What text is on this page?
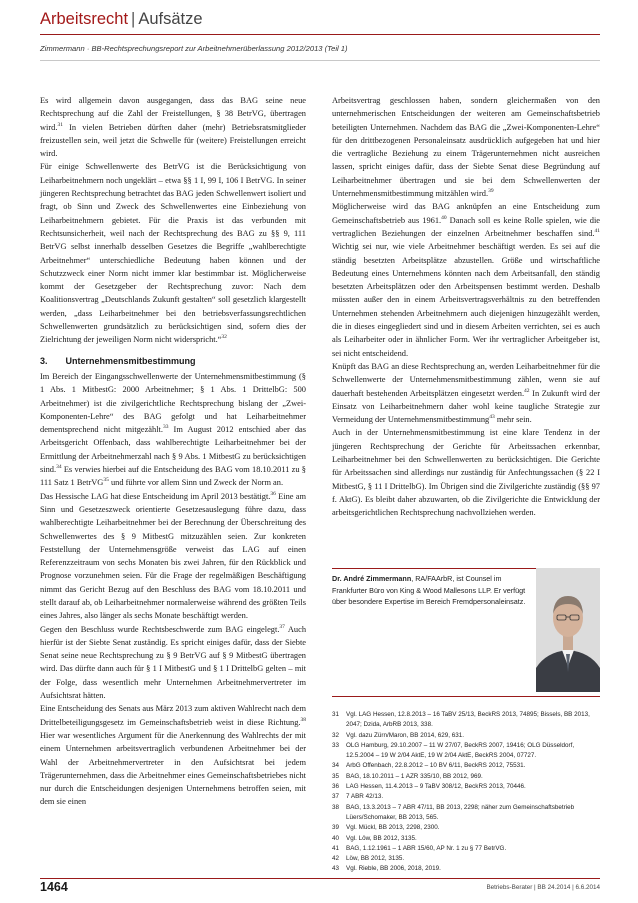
Arbeitsrecht | Aufsätze
Zimmermann · BB-Rechtsprechungsreport zur Arbeitnehmerüberlassung 2012/2013 (Teil 1)

Es wird allgemein davon ausgegangen, dass das BAG seine neue Rechtsprechung auf die Zahl der Freistellungen, § 38 BetrVG, übertragen wird.$^{31}$ In vielen Betrieben dürften daher (mehr) Betriebsratsmitglieder freizustellen sein, weil jetzt die Schwelle für (weitere) Freistellungen erreicht wird.

Für einige Schwellenwerte des BetrVG ist die Berücksichtigung von Leiharbeitnehmern noch ungeklärt – etwa §§ 1 I, 99 I, 106 I BetrVG. In seiner jüngeren Rechtsprechung betrachtet das BAG jeden Schwellenwert isoliert und fragt, ob Sinn und Zweck des Schwellenwertes eine Einbeziehung von Leiharbeitnehmern gebietet. Für die Praxis ist das verbunden mit Rechtsunsicherheit, weil nach der Rechtsprechung des BAG zu §§ 9, 111 BetrVG selbst innerhalb desselben Gesetzes die Begriffe „wahlberechtigte Arbeitnehmer“ unterschiedliche Bedeutung haben können und der Schutzzweck einer Norm nicht immer klar bestimmbar ist. Möglicherweise kommt der Gesetzgeber der Rechtsprechung zuvor: Nach dem Koalitionsvertrag „Deutschlands Zukunft gestalten“ soll gesetzlich klargestellt werden, „dass Leiharbeitnehmer bei den betriebsverfassungsrechtlichen Schwellenwerten grundsätzlich zu berücksichtigen sind, sofern dies der Zielrichtung der jeweiligen Norm nicht widerspricht.“$^{32}$

3. Unternehmensmitbestimmung

Im Bereich der Eingangsschwellenwerte der Unternehmensmitbestimmung (§ 1 Abs. 1 MitbestG: 2000 Arbeitnehmer; § 1 Abs. 1 DrittelbG: 500 Arbeitnehmer) ist die zivilgerichtliche Rechtsprechung bislang der „Zwei-Komponenten-Lehre“ des BAG gefolgt und hat Leiharbeitnehmer dementsprechend nicht mitgezählt.$^{33}$ Im August 2012 entschied aber das Arbeitsgericht Offenbach, dass wahlberechtigte Leiharbeitnehmer bei der Ermittlung der Arbeitnehmerzahl nach § 9 Abs. 1 MitbestG zu berücksichtigen sind.$^{34}$ Es verwies hierbei auf die Entscheidung des BAG vom 18.10.2011 zu § 111 Satz 1 BetrVG$^{35}$ und führte vor allem Sinn und Zweck der Norm an.

Das Hessische LAG hat diese Entscheidung im April 2013 bestätigt.$^{36}$ Eine am Sinn und Gesetzeszweck orientierte Gesetzesauslegung führe dazu, dass wahlberechtigte Leiharbeitnehmer bei der Berechnung der Überschreitung des Schwellenwertes des § 9 MitbestG mitzuzählen seien. Zur konkreten Feststellung der Unternehmensgröße verweist das LAG auf einen Referenzzeitraum von sechs Monaten bis zwei Jahren, für den Rückblick und Prognose vorzunehmen seien. Für die Frage der regelmäßigen Beschäftigung nimmt das Gericht Bezug auf den Beschluss des BAG vom 18.10.2011 und stellt darauf ab, ob Leiharbeitnehmer normalerweise während des größten Teils eines Jahres, also länger als sechs Monate beschäftigt werden.

Gegen den Beschluss wurde Rechtsbeschwerde zum BAG eingelegt.$^{37}$ Auch hierfür ist der Siebte Senat zuständig. Es spricht einiges dafür, dass der Siebte Senat seine neue Rechtsprechung zu § 9 BetrVG auf § 9 MitbestG übertragen wird. Das dürfte dann auch für § 1 I MitbestG und § 1 I DrittelbG gelten – mit der Folge, dass wesentlich mehr Unternehmen Arbeitnehmervertreter im Aufsichtsrat hätten.

Eine Entscheidung des Senats aus März 2013 zum aktiven Wahlrecht nach dem Drittelbeteiligungsgesetz im Gemeinschaftsbetrieb weist in diese Richtung.$^{38}$ Hier war wesentliches Argument für die Anerkennung des Wahlrechts der mit einem Unternehmen arbeitsvertraglich verbundenen Arbeitnehmer bei der Wahl der Arbeitnehmervertreter in den Aufsichtsrat bei jedem Trägerunternehmen, dass die Arbeitnehmer eines Gemeinschaftsbetriebes nicht nur durch die Entscheidungen desjenigen Unternehmens betroffen seien, mit dem sie einen

Arbeitsvertrag geschlossen haben, sondern gleichermaßen von den unternehmerischen Entscheidungen der weiteren am Gemeinschaftsbetrieb beteiligten Unternehmen. Nachdem das BAG die „Zwei-Komponenten-Lehre“ für den drittbezogenen Personaleinsatz ausdrücklich aufgegeben hat und hier die vertragliche Beziehung zu einem Trägerunternehmen nicht ausreichen lassen, spricht einiges dafür, dass der Siebte Senat diese Begründung auf Leiharbeitnehmer übertragen und sie bei dem Schwellenwerten der Unternehmensmitbestimmung mitzählen wird.$^{39}$

Möglicherweise wird das BAG anknüpfen an eine Entscheidung zum Gemeinschaftsbetrieb aus 1961.40 Danach soll es keine Rolle spielen, wie die vertraglichen Beziehungen der einzelnen Arbeitnehmer beschaffen sind.$^{41}$ Wichtig sei nur, wie viele Arbeitnehmer beschäftigt werden. Es sei auf die ständig besetzten Arbeitsplätze abzustellen. Größe und wirtschaftliche Bedeutung eines Unternehmens könnten nach dem Arbeitsanfall, den ständig besetzten Arbeitsplätzen oder den Arbeitspensen bestimmt werden. Deshalb müssten außer den in einem Arbeitsvertragsverhältnis zu den betreffenden Unternehmen stehenden Arbeitnehmern auch diejenigen hinzugezählt werden, die in dieses eingegliedert sind und in diesem Arbeiten verrichten, sei es auch als Leiharbeiter oder in ähnlicher Form. Wer ihr vertraglicher Arbeitgeber ist, sei nicht entscheidend.

Knüpft das BAG an diese Rechtsprechung an, werden Leiharbeitnehmer für die Schwellenwerte der Unternehmensmitbestimmung zählen, wenn sie auf dauerhaft bestehenden Arbeitsplätzen eingesetzt werden.$^{42}$ In Zukunft wird der Einsatz von Leiharbeitnehmern daher wohl keine taugliche Strategie zur Vermeidung der Unternehmensmitbestimmung$^{43}$ mehr sein.

Auch in der Unternehmensmitbestimmung ist eine klare Tendenz in der jüngeren Rechtsprechung der Gerichte für Arbeitssachen erkennbar, Leiharbeitnehmer bei den Schwellenwerten zu berücksichtigen. Die Gerichte für Arbeitssachen sind allerdings nur zuständig für Anfechtungssachen (§ 22 I MitbestG, § 11 I DrittelbG). Im Übrigen sind die Zivilgerichte zuständig (§§ 97 f. AktG). Es bleibt daher abzuwarten, ob die Zivilgerichte die Entwicklung der arbeitsgerichtlichen Rechtsprechung nachvollziehen werden.

Dr. André Zimmermann, RA/FAArbR, ist Counsel im Frankfurter Büro von King & Wood Mallesons LLP. Er verfügt über besondere Expertise im Bereich Fremdpersonaleinsatz.
31	Vgl. LAG Hessen, 12.8.2013 – 16 TaBV 25/13, BeckRS 2013, 74895; Bissels, BB 2013, 2047; Dzida, ArbRB 2013, 338.
32	Vgl. dazu Zürn/Maron, BB 2014, 629, 631.
33	OLG Hamburg, 29.10.2007 – 11 W 27/07, BeckRS 2007, 19416; OLG Düsseldorf, 12.5.2004 – 19 W 2/04 AktE, 19 W 2/04 AktE, BeckRS 2004, 07727.
34	ArbG Offenbach, 22.8.2012 – 10 BV 6/11, BeckRS 2012, 75531.
35	BAG, 18.10.2011 – 1 AZR 335/10, BB 2012, 969.
36	LAG Hessen, 11.4.2013 – 9 TaBV 308/12, BeckRS 2013, 70446.
37	7 ABR 42/13.
38	BAG, 13.3.2013 – 7 ABR 47/11, BB 2013, 2298; näher zum Gemeinschaftsbetrieb Lüers/Schomaker, BB 2013, 565.
39	Vgl. Mückl, BB 2013, 2298, 2300.
40	Vgl. Löw, BB 2012, 3135.
41	BAG, 1.12.1961 – 1 ABR 15/60, AP Nr. 1 zu § 77 BetrVG.
42	Löw, BB 2012, 3135.
43	Vgl. Rieble, BB 2006, 2018, 2019.
1464	Betriebs-Berater | BB 24.2014 | 6.6.2014
